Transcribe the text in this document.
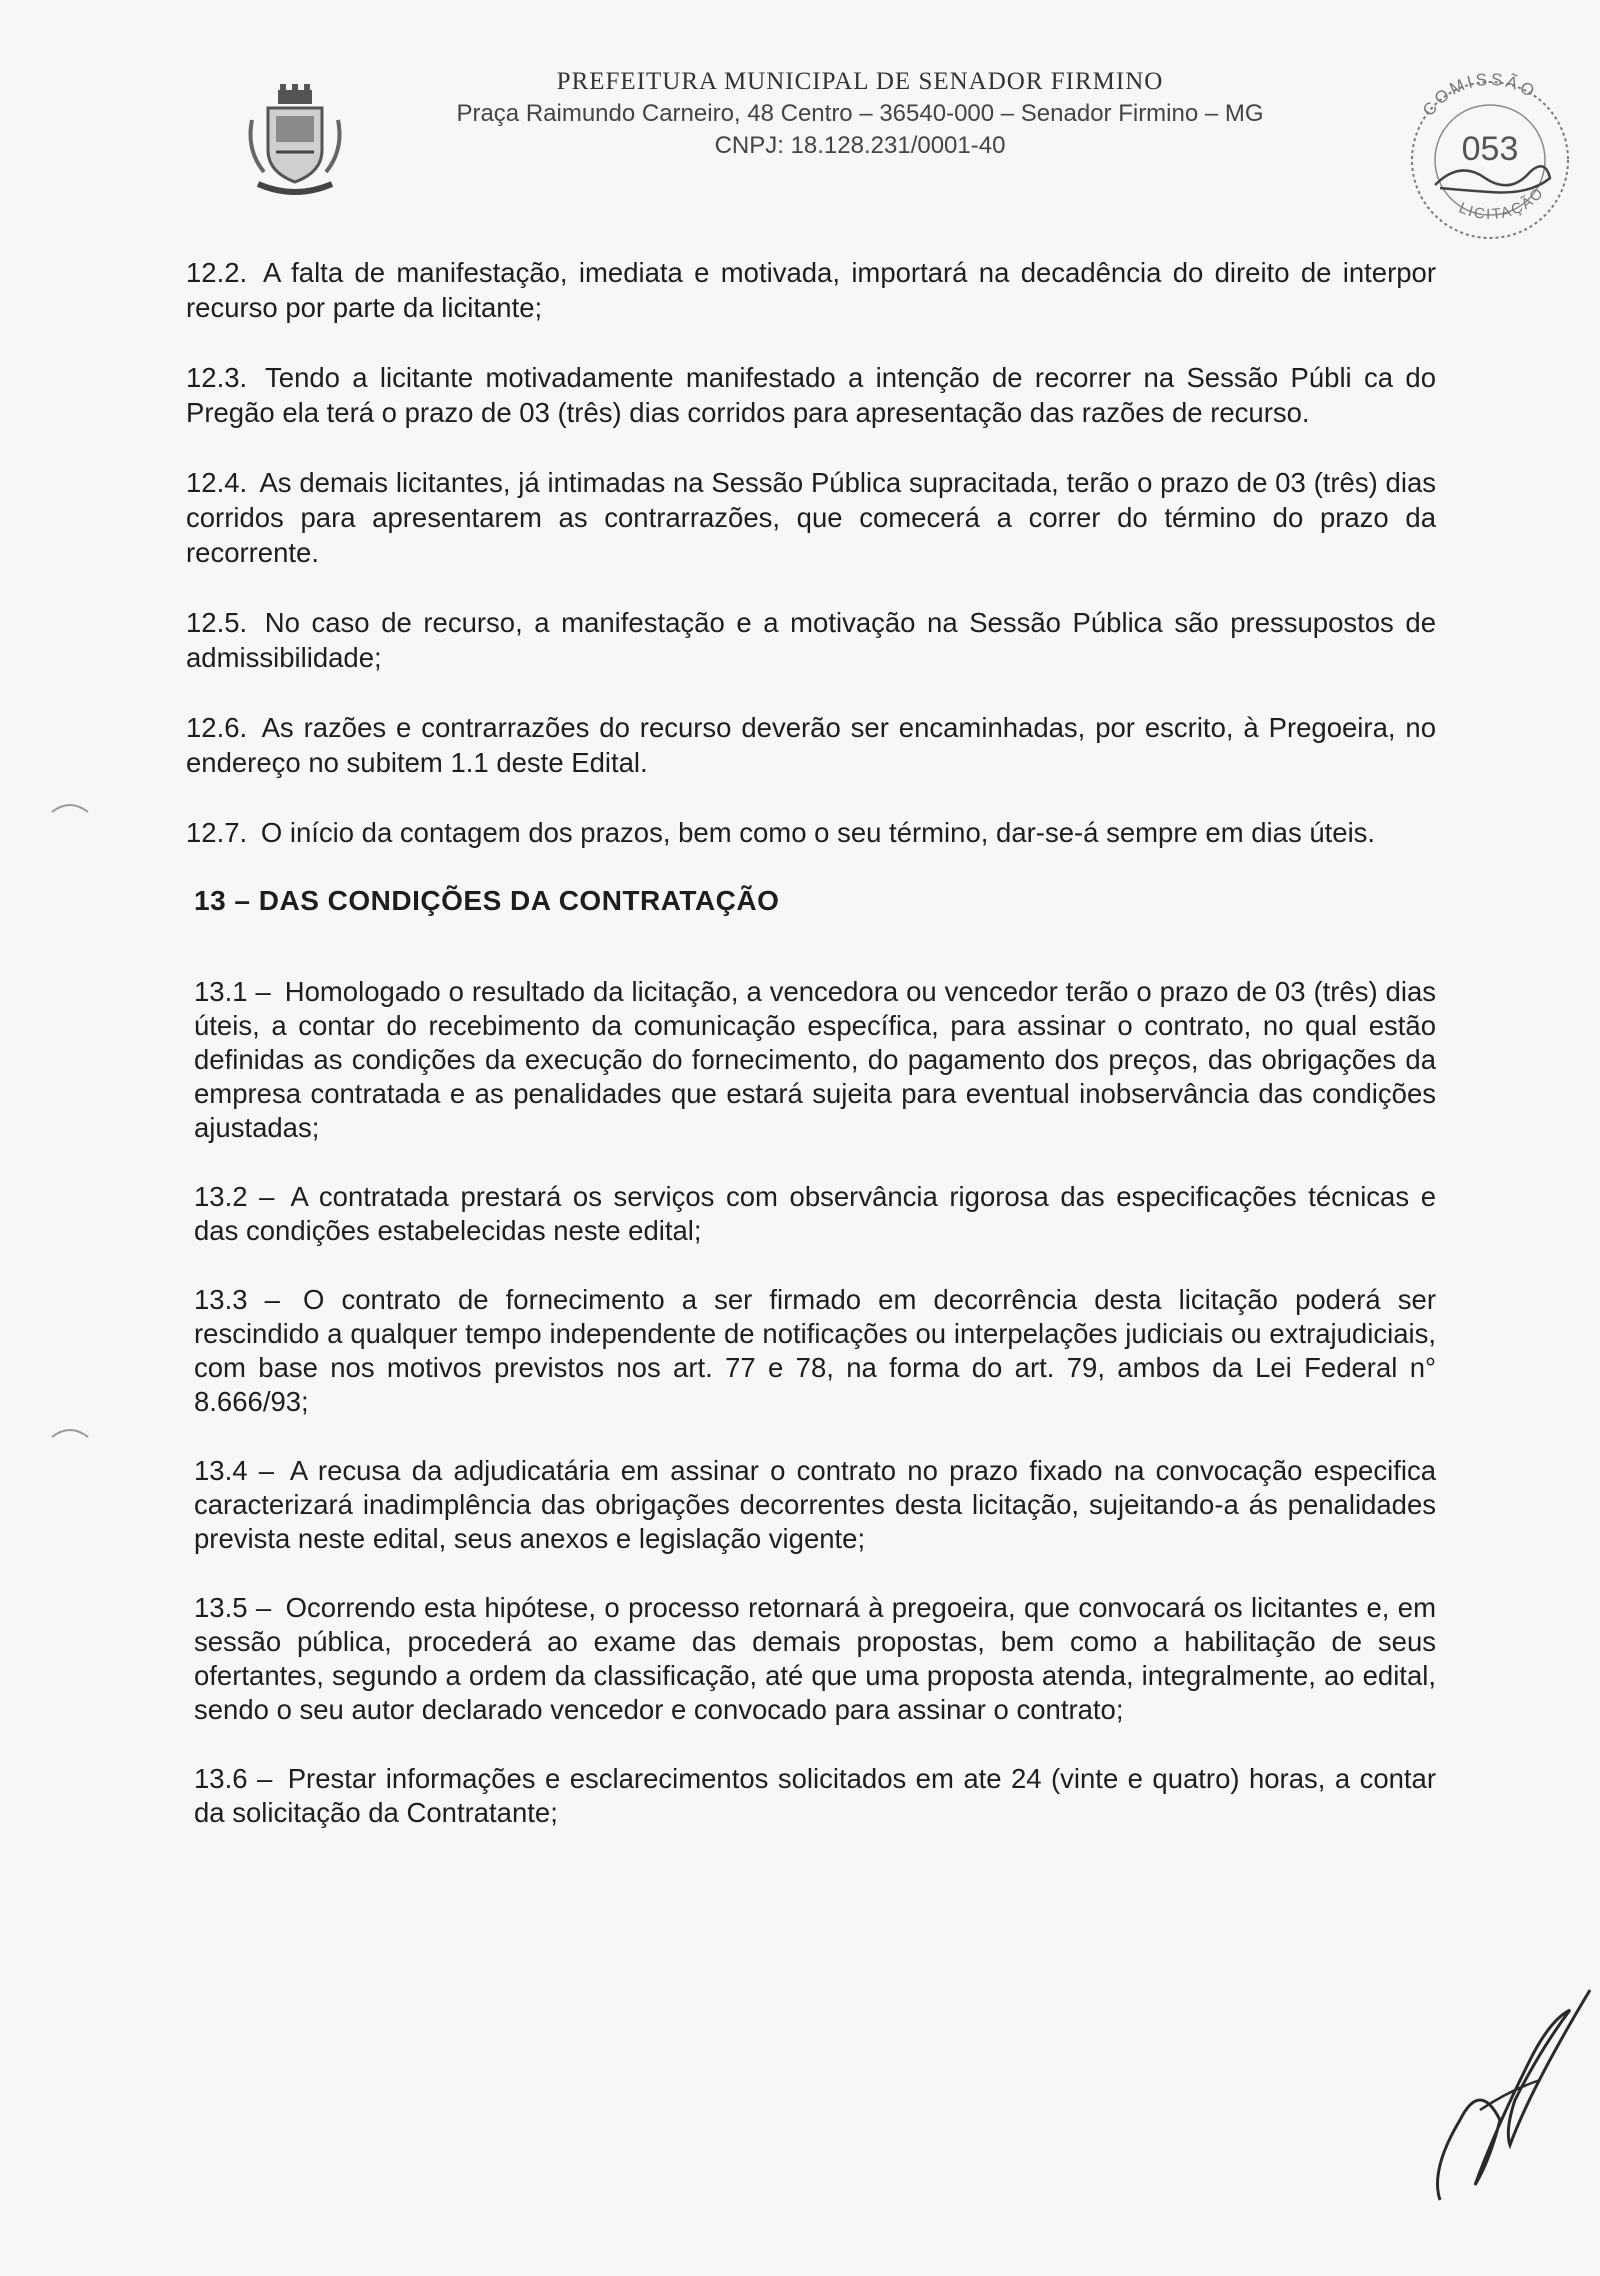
PREFEITURA MUNICIPAL DE SENADOR FIRMINO

Praça Raimundo Carneiro, 48 Centro – 36540-000 – Senador Firmino – MG

CNPJ: 18.128.231/0001-40

COMISSÃO
053
LICITAÇÃO

12.2. A falta de manifestação, imediata e motivada, importará na decadência do direito de interpor recurso por parte da licitante;

12.3. Tendo a licitante motivadamente manifestado a intenção de recorrer na Sessão Públi ca do Pregão ela terá o prazo de 03 (três) dias corridos para apresentação das razões de recurso.

12.4. As demais licitantes, já intimadas na Sessão Pública supracitada, terão o prazo de 03 (três) dias corridos para apresentarem as contrarrazões, que comecerá a correr do término do prazo da recorrente.

12.5. No caso de recurso, a manifestação e a motivação na Sessão Pública são pressupostos de admissibilidade;

12.6. As razões e contrarrazões do recurso deverão ser encaminhadas, por escrito, à Pregoeira, no endereço no subitem 1.1 deste Edital.

12.7. O início da contagem dos prazos, bem como o seu término, dar-se-á sempre em dias úteis.

13 – DAS CONDIÇÕES DA CONTRATAÇÃO

13.1 – Homologado o resultado da licitação, a vencedora ou vencedor terão o prazo de 03 (três) dias úteis, a contar do recebimento da comunicação específica, para assinar o contrato, no qual estão definidas as condições da execução do fornecimento, do pagamento dos preços, das obrigações da empresa contratada e as penalidades que estará sujeita para eventual inobservância das condições ajustadas;

13.2 – A contratada prestará os serviços com observância rigorosa das especificações técnicas e das condições estabelecidas neste edital;

13.3 – O contrato de fornecimento a ser firmado em decorrência desta licitação poderá ser rescindido a qualquer tempo independente de notificações ou interpelações judiciais ou extrajudiciais, com base nos motivos previstos nos art. 77 e 78, na forma do art. 79, ambos da Lei Federal n° 8.666/93;

13.4 – A recusa da adjudicatária em assinar o contrato no prazo fixado na convocação especifica caracterizará inadimplência das obrigações decorrentes desta licitação, sujeitando-a ás penalidades prevista neste edital, seus anexos e legislação vigente;

13.5 – Ocorrendo esta hipótese, o processo retornará à pregoeira, que convocará os licitantes e, em sessão pública, procederá ao exame das demais propostas, bem como a habilitação de seus ofertantes, segundo a ordem da classificação, até que uma proposta atenda, integralmente, ao edital, sendo o seu autor declarado vencedor e convocado para assinar o contrato;

13.6 – Prestar informações e esclarecimentos solicitados em ate 24 (vinte e quatro) horas, a contar da solicitação da Contratante;
